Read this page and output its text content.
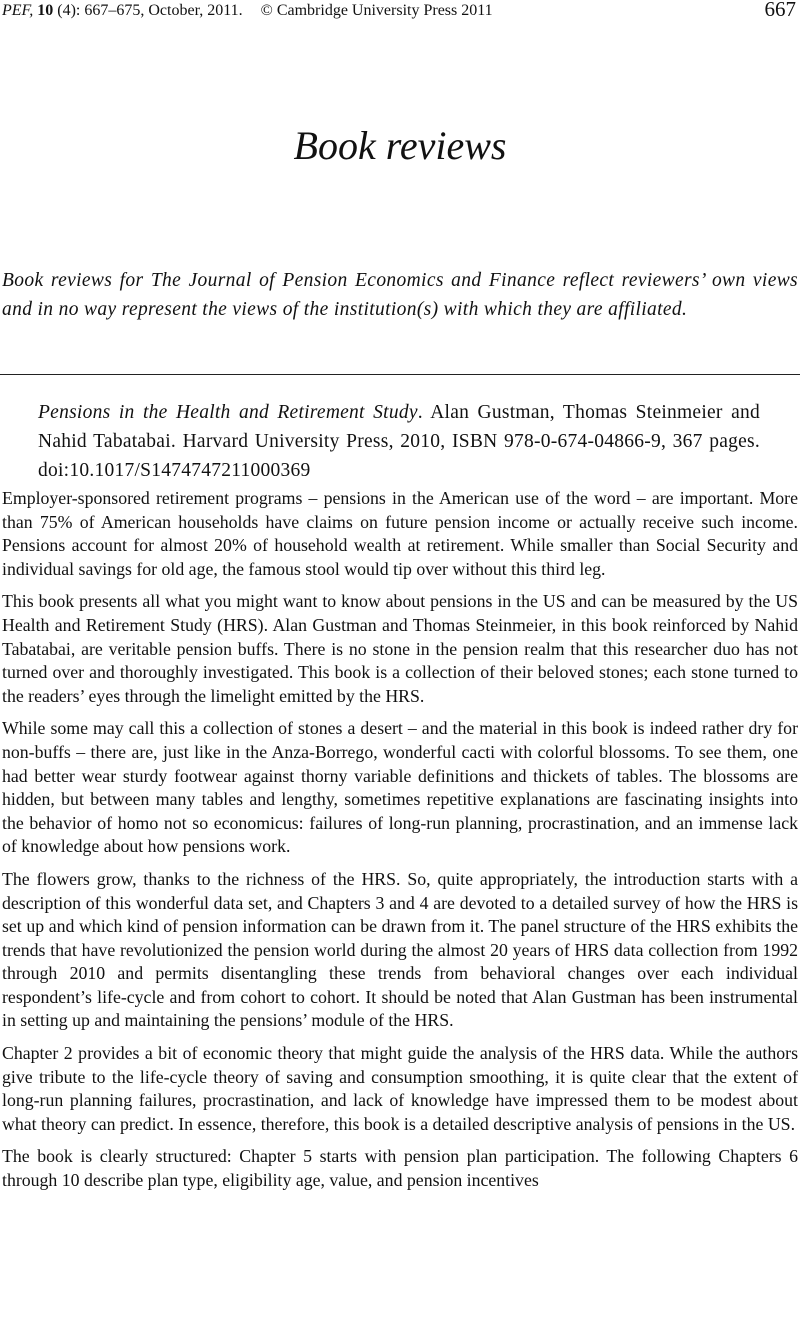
PEF, 10 (4): 667–675, October, 2011. © Cambridge University Press 2011	667
Book reviews
Book reviews for The Journal of Pension Economics and Finance reflect reviewers’ own views and in no way represent the views of the institution(s) with which they are affiliated.
Pensions in the Health and Retirement Study. Alan Gustman, Thomas Steinmeier and Nahid Tabatabai. Harvard University Press, 2010, ISBN 978-0-674-04866-9, 367 pages. doi:10.1017/S1474747211000369

Employer-sponsored retirement programs – pensions in the American use of the word – are important. More than 75% of American households have claims on future pension income or actually receive such income. Pensions account for almost 20% of household wealth at retirement. While smaller than Social Security and individual savings for old age, the famous stool would tip over without this third leg.

This book presents all what you might want to know about pensions in the US and can be measured by the US Health and Retirement Study (HRS). Alan Gustman and Thomas Steinmeier, in this book reinforced by Nahid Tabatabai, are veritable pension buffs. There is no stone in the pension realm that this researcher duo has not turned over and thoroughly investigated. This book is a collection of their beloved stones; each stone turned to the readers’ eyes through the limelight emitted by the HRS.

While some may call this a collection of stones a desert – and the material in this book is indeed rather dry for non-buffs – there are, just like in the Anza-Borrego, wonderful cacti with colorful blossoms. To see them, one had better wear sturdy footwear against thorny variable definitions and thickets of tables. The blossoms are hidden, but between many tables and lengthy, sometimes repetitive explanations are fascinating insights into the behavior of homo not so economicus: failures of long-run planning, procrastination, and an immense lack of knowledge about how pensions work.

The flowers grow, thanks to the richness of the HRS. So, quite appropriately, the introduction starts with a description of this wonderful data set, and Chapters 3 and 4 are devoted to a detailed survey of how the HRS is set up and which kind of pension information can be drawn from it. The panel structure of the HRS exhibits the trends that have revolutionized the pension world during the almost 20 years of HRS data collection from 1992 through 2010 and permits disentangling these trends from behavioral changes over each individual respondent’s life-cycle and from cohort to cohort. It should be noted that Alan Gustman has been instrumental in setting up and maintaining the pensions’ module of the HRS.

Chapter 2 provides a bit of economic theory that might guide the analysis of the HRS data. While the authors give tribute to the life-cycle theory of saving and consumption smoothing, it is quite clear that the extent of long-run planning failures, procrastination, and lack of knowledge have impressed them to be modest about what theory can predict. In essence, therefore, this book is a detailed descriptive analysis of pensions in the US.

The book is clearly structured: Chapter 5 starts with pension plan participation. The following Chapters 6 through 10 describe plan type, eligibility age, value, and pension incentives
